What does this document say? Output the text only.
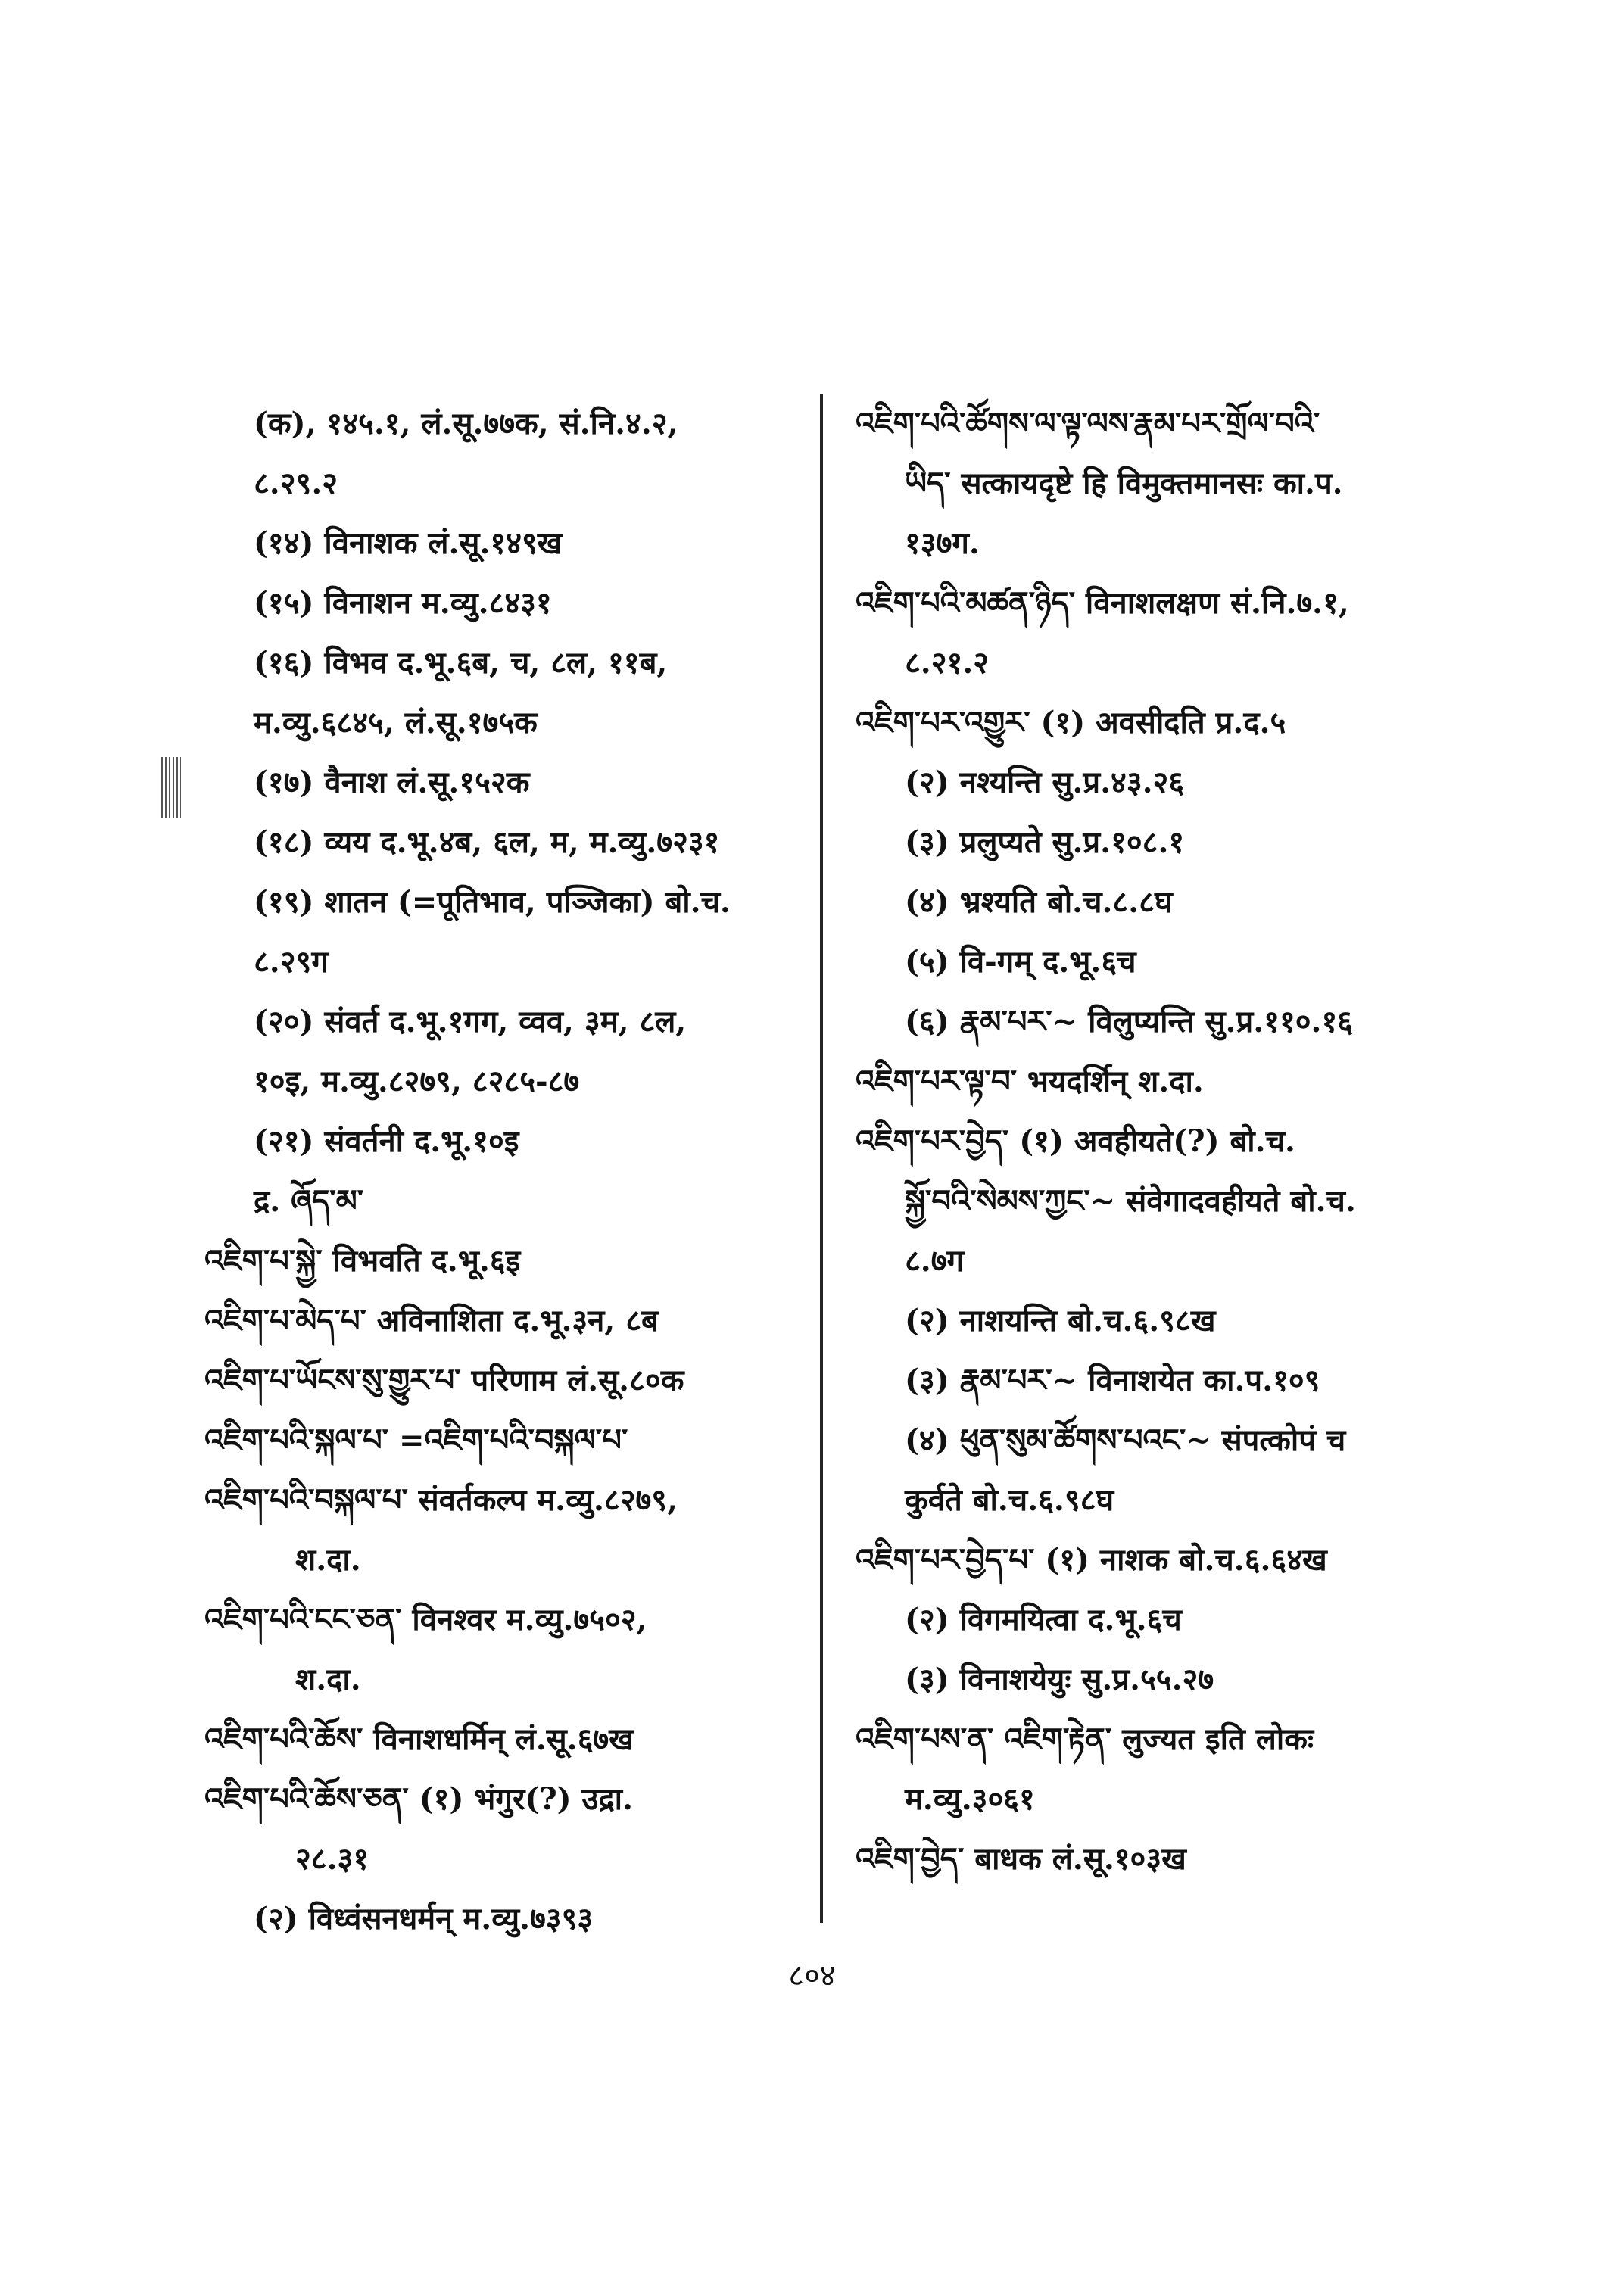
(क), १४५.१, लं.सू.७७क, सं.नि.४.२,
८.२९.२
(१४) विनाशक लं.सू.१४९ख
(१५) विनाशन म.व्यु.८४३१
(१६) विभव द.भू.६ब, च, ८ल, ११ब,
म.व्यु.६८४५, लं.सू.१७५क
(१७) वैनाश लं.सू.१५२क
(१८) व्यय द.भू.४ब, ६ल, म, म.व्यु.७२३१
(१९) शातन (=पूतिभाव, पञ्जिका) बो.च.
८.२९ग
(२०) संवर्त द.भू.१गग, व्वव, ३म, ८ल,
१०इ, म.व्यु.८२७९, ८२८५-८७
(२१) संवर्तनी द.भू.१०इ
द्र. ཞོད་མ་
འཇིག་པ་སྐྱེ་ विभवति द.भू.६इ
འཇིག་པ་མེད་པ་ अविनाशिता द.भू.३न, ८ब
འཇིག་པ་ཡོངས་སུ་གྱུར་པ་ परिणाम लं.सू.८०क
འཇིག་པའི་སྐལ་པ་ =འཇིག་པའི་བསྐལ་པ་
འཇིག་པའི་བསྐལ་པ་ संवर्तकल्प म.व्यु.८२७९,
श.दा.
འཇིག་པའི་ངང་ཅན་ विनश्वर म.व्यु.७५०२,
श.दा.
འཇིག་པའི་ཆོས་ विनाशधर्मिन् लं.सू.६७ख
འཇིག་པའི་ཆོས་ཅན་ (१) भंगुर(?) उद्रा.
२८.३१
(२) विध्वंसनधर्मन् म.व्यु.७३९३
འཇིག་པའི་ཚོགས་ལ་ལྟ་ལས་རྣམ་པར་གྲོལ་བའི་
ཡིད་ सत्कायदृष्टे हि विमुक्तमानसः का.प.
१३७ग.
འཇིག་པའི་མཚན་ཉིད་ विनाशलक्षण सं.नि.७.१,
८.२१.२
འཇིག་པར་འགྱུར་ (१) अवसीदति प्र.द.५
(२) नश्यन्ति सु.प्र.४३.२६
(३) प्रलुप्यते सु.प्र.१०८.१
(४) भ्रश्यति बो.च.८.८घ
(५) वि-गम् द.भू.६च
(६) རྣམ་པར་~ विलुप्यन्ति सु.प्र.११०.१६
འཇིག་པར་ལྟ་བ་ भयदर्शिन् श.दा.
འཇིག་པར་བྱེད་ (१) अवहीयते(?) बो.च.
སྐྱོ་བའི་སེམས་ཀྱང་~ संवेगादवहीयते बो.च.
८.७ग
(२) नाशयन्ति बो.च.६.९८ख
(३) རྣམ་པར་~ विनाशयेत का.प.१०९
(४) ཕུན་སུམ་ཚོགས་པའང་~ संपत्कोपं च
कुर्वते बो.च.६.९८घ
འཇིག་པར་བྱེད་པ་ (१) नाशक बो.च.६.६४ख
(२) विगमयित्वा द.भू.६च
(३) विनाशयेयुः सु.प्र.५५.२७
འཇིག་པས་ན་ འཇིག་རྟེན་ लुज्यत इति लोकः
म.व्यु.३०६१
འཇིག་བྱེད་ बाधक लं.सू.१०३ख
८०४
